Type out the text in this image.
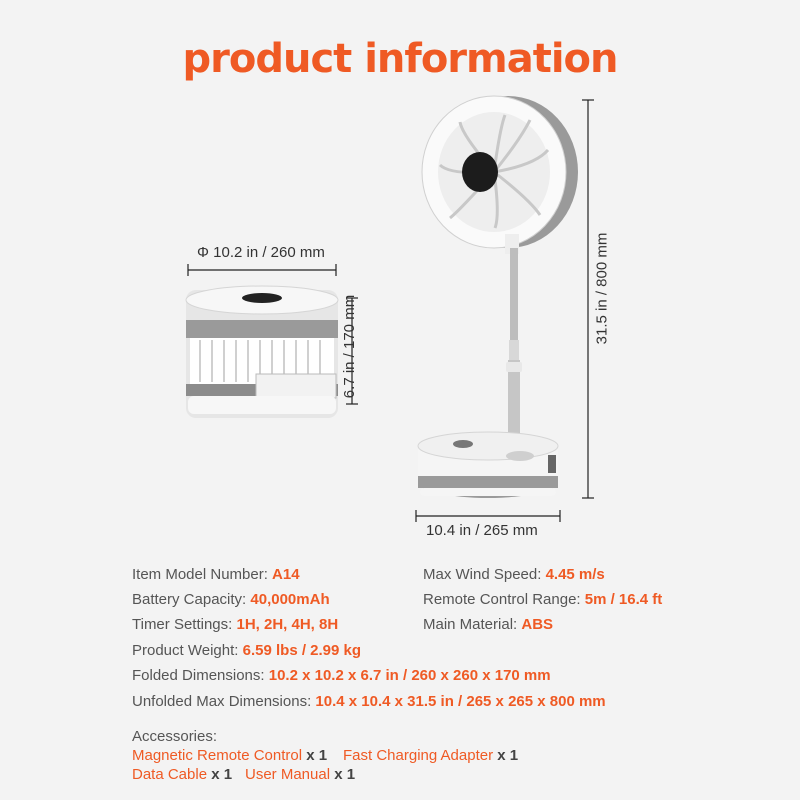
product information
Φ 10.2 in / 260 mm
6.7 in / 170 mm
31.5 in / 800 mm
10.4 in / 265 mm
Item Model Number: A14
Battery Capacity: 40,000mAh
Timer Settings: 1H, 2H, 4H, 8H
Product Weight: 6.59 lbs / 2.99 kg
Folded Dimensions: 10.2 x 10.2 x 6.7 in / 260 x 260 x 170 mm
Unfolded Max Dimensions: 10.4 x 10.4 x 31.5 in / 265 x 265 x 800 mm
Max Wind Speed: 4.45 m/s
Remote Control Range: 5m / 16.4 ft
Main Material: ABS
Accessories:
Magnetic Remote Control x 1 Fast Charging Adapter x 1
Data Cable x 1 User Manual x 1
